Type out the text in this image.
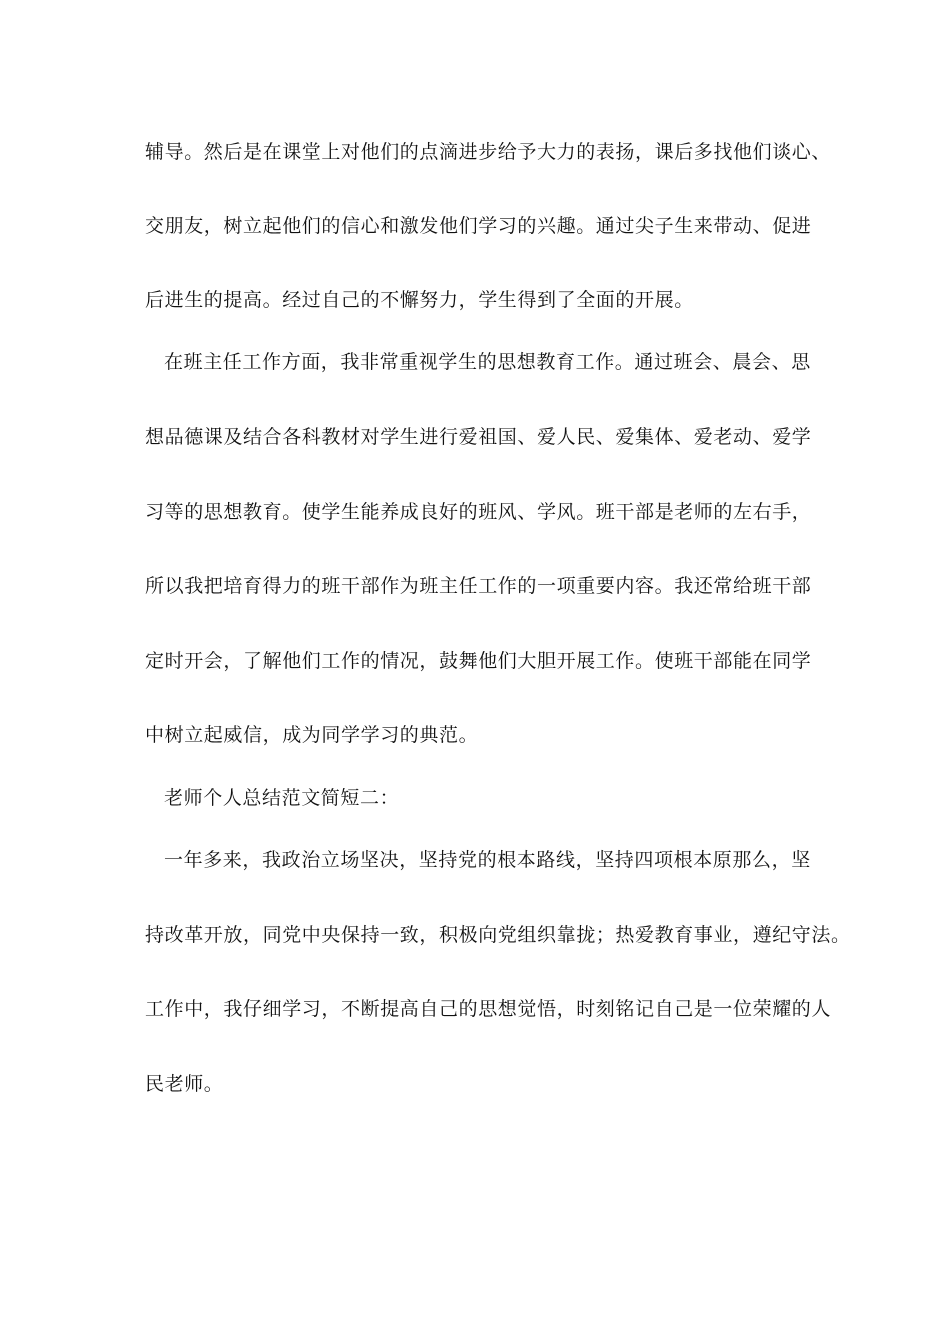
辅导。然后是在课堂上对他们的点滴进步给予大力的表扬，课后多找他们谈心、
交朋友，树立起他们的信心和激发他们学习的兴趣。通过尖子生来带动、促进
后进生的提高。经过自己的不懈努力，学生得到了全面的开展。
在班主任工作方面，我非常重视学生的思想教育工作。通过班会、晨会、思
想品德课及结合各科教材对学生进行爱祖国、爱人民、爱集体、爱老动、爱学
习等的思想教育。使学生能养成良好的班风、学风。班干部是老师的左右手，
所以我把培育得力的班干部作为班主任工作的一项重要内容。我还常给班干部
定时开会，了解他们工作的情况，鼓舞他们大胆开展工作。使班干部能在同学
中树立起威信，成为同学学习的典范。
老师个人总结范文简短二：
一年多来，我政治立场坚决，坚持党的根本路线，坚持四项根本原那么，坚
持改革开放，同党中央保持一致，积极向党组织靠拢；热爱教育事业，遵纪守法。
工作中，我仔细学习，不断提高自己的思想觉悟，时刻铭记自己是一位荣耀的人
民老师。
